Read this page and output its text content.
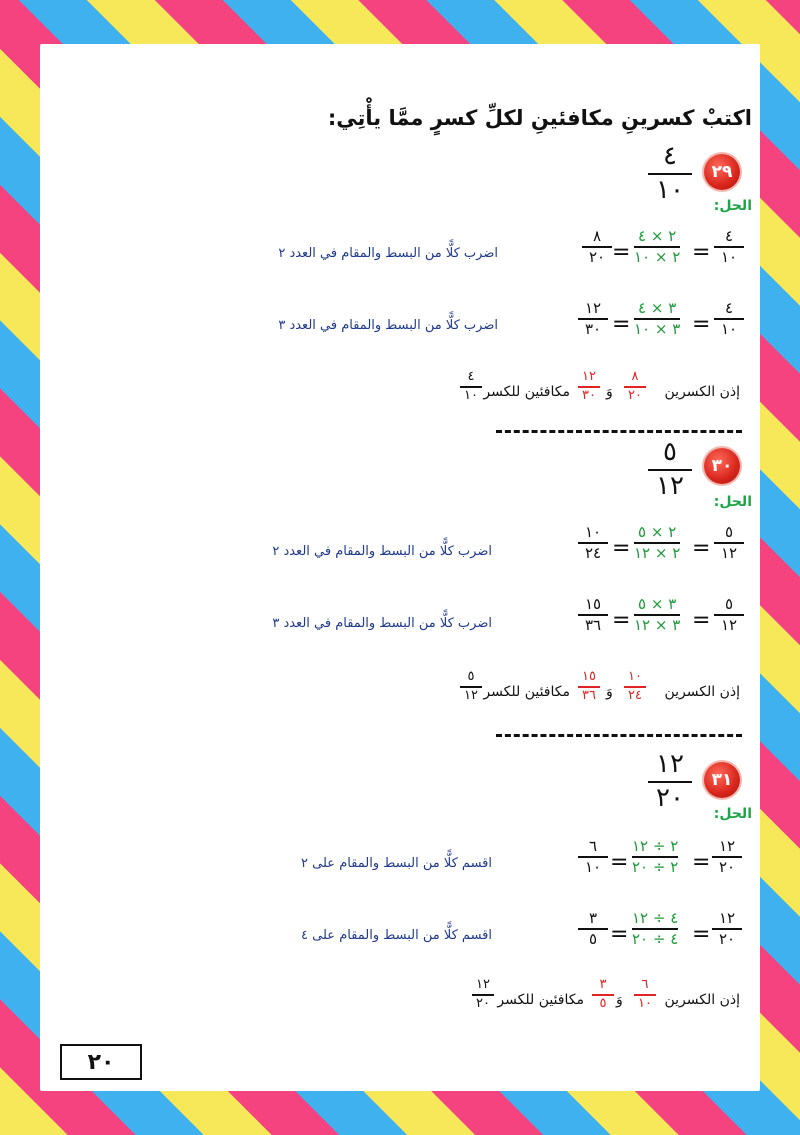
اكتبْ كسرينِ مكافئينِ لكلِّ كسرٍ ممَّا يأْتِي:
٢٩
٤
١٠
الحل:
٤
١٠
=
٢ × ٤
٢ × ١٠
=
٨
٢٠
اضرب كلًّا من البسط والمقام في العدد ٢
٤
١٠
=
٣ × ٤
٣ × ١٠
=
١٢
٣٠
اضرب كلًّا من البسط والمقام في العدد ٣
إذن الكسرين
٨
٢٠
وَ
١٢
٣٠
مكافئين للكسر
٤
١٠
٣٠
٥
١٢
الحل:
٥
١٢
=
٢ × ٥
٢ × ١٢
=
١٠
٢٤
اضرب كلًّا من البسط والمقام في العدد ٢
٥
١٢
=
٣ × ٥
٣ × ١٢
=
١٥
٣٦
اضرب كلًّا من البسط والمقام في العدد ٣
إذن الكسرين
١٠
٢٤
وَ
١٥
٣٦
مكافئين للكسر
٥
١٢
٣١
١٢
٢٠
الحل:
١٢
٢٠
=
٢ ÷ ١٢
٢ ÷ ٢٠
=
٦
١٠
اقسم كلًّا من البسط والمقام على ٢
١٢
٢٠
=
٤ ÷ ١٢
٤ ÷ ٢٠
=
٣
٥
اقسم كلًّا من البسط والمقام على ٤
إذن الكسرين
٦
١٠
وَ
٣
٥
مكافئين للكسر
١٢
٢٠
٢٠
